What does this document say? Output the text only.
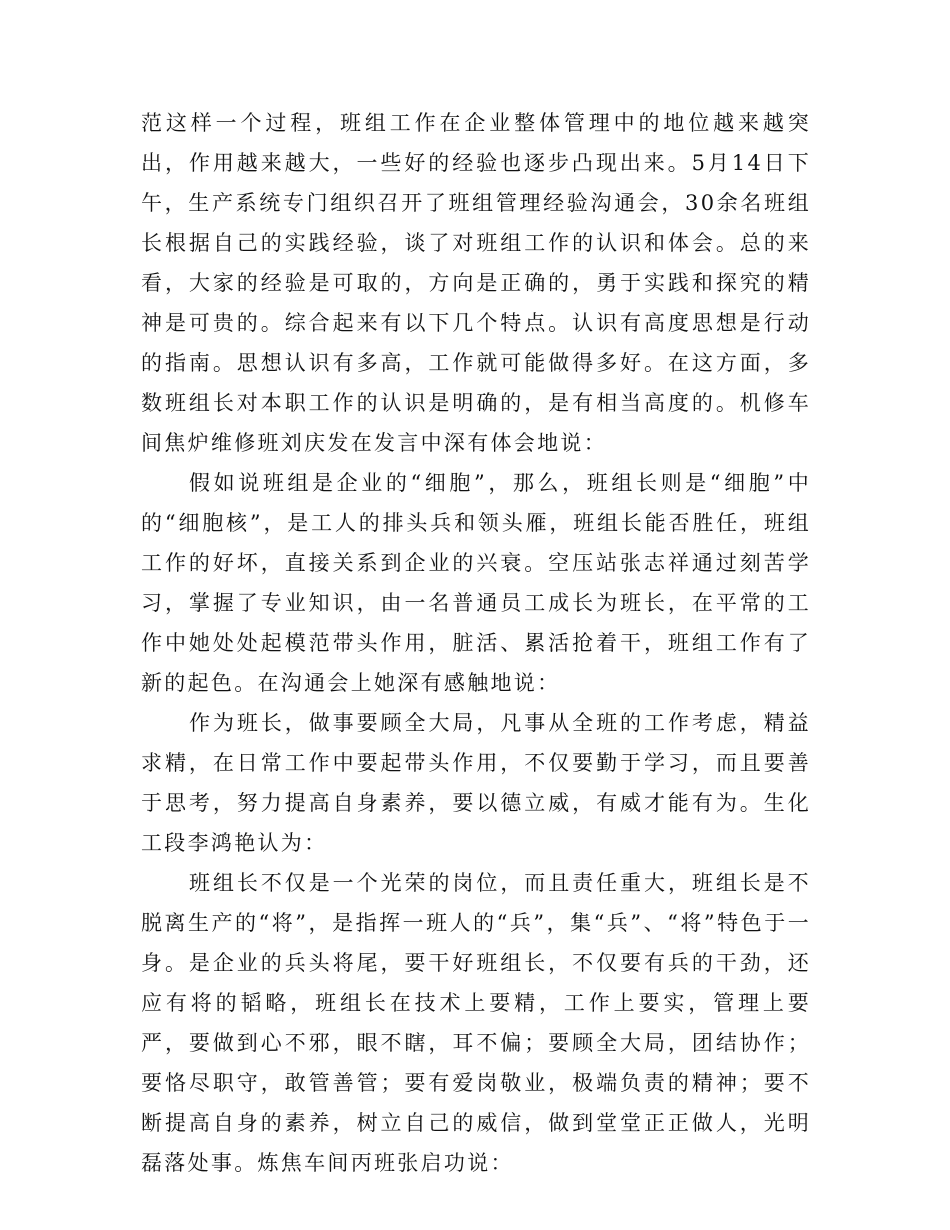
范这样一个过程，班组工作在企业整体管理中的地位越来越突出，作用越来越大，一些好的经验也逐步凸现出来。5月14日下午，生产系统专门组织召开了班组管理经验沟通会，30余名班组长根据自己的实践经验，谈了对班组工作的认识和体会。总的来看，大家的经验是可取的，方向是正确的，勇于实践和探究的精神是可贵的。综合起来有以下几个特点。认识有高度思想是行动的指南。思想认识有多高，工作就可能做得多好。在这方面，多数班组长对本职工作的认识是明确的，是有相当高度的。机修车间焦炉维修班刘庆发在发言中深有体会地说：

假如说班组是企业的“细胞”，那么，班组长则是“细胞”中的“细胞核”，是工人的排头兵和领头雁，班组长能否胜任，班组工作的好坏，直接关系到企业的兴衰。空压站张志祥通过刻苦学习，掌握了专业知识，由一名普通员工成长为班长，在平常的工作中她处处起模范带头作用，脏活、累活抢着干，班组工作有了新的起色。在沟通会上她深有感触地说：

作为班长，做事要顾全大局，凡事从全班的工作考虑，精益求精，在日常工作中要起带头作用，不仅要勤于学习，而且要善于思考，努力提高自身素养，要以德立威，有威才能有为。生化工段李鸿艳认为：

班组长不仅是一个光荣的岗位，而且责任重大，班组长是不脱离生产的“将”，是指挥一班人的“兵”，集“兵”、“将”特色于一身。是企业的兵头将尾，要干好班组长，不仅要有兵的干劲，还应有将的韬略，班组长在技术上要精，工作上要实，管理上要严，要做到心不邪，眼不瞎，耳不偏；要顾全大局，团结协作；要恪尽职守，敢管善管；要有爱岗敬业，极端负责的精神；要不断提高自身的素养，树立自己的威信，做到堂堂正正做人，光明磊落处事。炼焦车间丙班张启功说：
